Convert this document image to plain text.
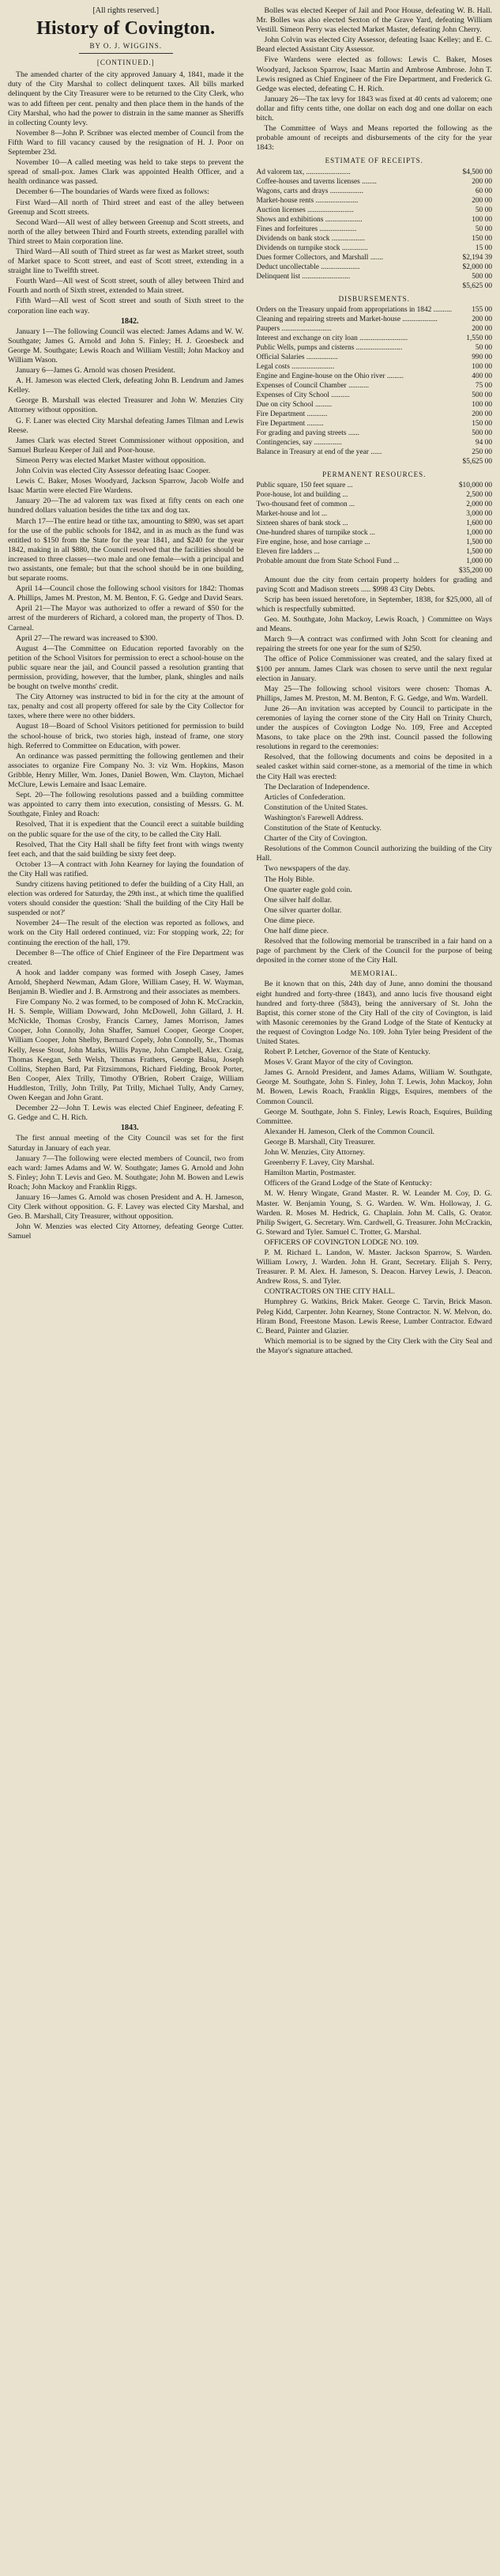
[All rights reserved.]
History of Covington.
BY O. J. WIGGINS.
[CONTINUED.]

The amended charter of the city approved January 4, 1841, made it the duty of the City Marshal to collect delinquent taxes. All bills marked delinquent by the City Treasurer were to be returned to the City Clerk, who was to add fifteen per cent. penalty and then place them in the hands of the City Marshal, who had the power to distrain in the same manner as Sheriffs in collecting County levy.

November 8—John P. Scribner was elected member of Council from the Fifth Ward to fill vacancy caused by the resignation of H. J. Poor on September 23d.

November 10—A called meeting was held to take steps to prevent the spread of small-pox. James Clark was appointed Health Officer, and a health ordinance was passed.

December 6—The boundaries of Wards were fixed as follows:

First Ward—All north of Third street and east of the alley between Greenup and Scott streets.

Second Ward—All west of alley between Greenup and Scott streets, and north of the alley between Third and Fourth streets, extending parallel with Third street to Main corporation line.

Third Ward—All south of Third street as far west as Market street, south of Market space to Scott street, and east of Scott street, extending in a straight line to Twelfth street.

Fourth Ward—All west of Scott street, south of alley between Third and Fourth and north of Sixth street, extended to Main street.

Fifth Ward—All west of Scott street and south of Sixth street to the corporation line each way.

1842.

January 1—The following Council was elected: James Adams and W. W. Southgate; James G. Arnold and John S. Finley; H. J. Groesbeck and George M. Southgate; Lewis Roach and William Vestill; John Mackoy and William Wason.

January 6—James G. Arnold was chosen President.

A. H. Jameson was elected Clerk, defeating John B. Lendrum and James Kelley.

George B. Marshall was elected Treasurer and John W. Menzies City Attorney without opposition.

G. F. Laner was elected City Marshal defeating James Tilman and Lewis Reese.

James Clark was elected Street Commissioner without opposition, and Samuel Burleau Keeper of Jail and Poor-house.

Simeon Perry was elected Market Master without opposition.

John Colvin was elected City Assessor defeating Isaac Cooper.

Lewis C. Baker, Moses Woodyard, Jackson Sparrow, Jacob Wolfe and Isaac Martin were elected Fire Wardens.

January 20—The ad valorem tax was fixed at fifty cents on each one hundred dollars valuation besides the tithe tax and dog tax.

March 17—The entire head or tithe tax, amounting to $890, was set apart for the use of the public schools for 1842, and in as much as the fund was entitled to $150 from the State for the year 1841, and $240 for the year 1842, making in all $880, the Council resolved that the facilities should be increased to three classes—two male and one female—with a principal and two assistants, one female; but that the school should be in one building, but separate rooms.

April 14—Council chose the following school visitors for 1842: Thomas A. Phillips, James M. Preston, M. M. Benton, F. G. Gedge and David Sears.

April 21—The Mayor was authorized to offer a reward of $50 for the arrest of the murderers of Richard, a colored man, the property of Thos. D. Carneal.

April 27—The reward was increased to $300.

August 4—The Committee on Education reported favorably on the petition of the School Visitors for permission to erect a school-house on the public square near the jail, and Council passed a resolution granting that permission, providing, however, that the lumber, plank, shingles and nails be bought on twelve months' credit.

The City Attorney was instructed to bid in for the city at the amount of tax, penalty and cost all property offered for sale by the City Collector for taxes, where there were no other bidders.

August 18—Board of School Visitors petitioned for permission to build the school-house of brick, two stories high, instead of frame, one story high. Referred to Committee on Education, with power.

An ordinance was passed permitting the following gentlemen and their associates to organize Fire Company No. 3: viz Wm. Hopkins, Mason Gribble, Henry Miller, Wm. Jones, Daniel Bowen, Wm. Clayton, Michael McClure, Lewis Lemaire and Isaac Lemaire.

Sept. 20—The following resolutions passed and a building committee was appointed to carry them into execution, consisting of Messrs. G. M. Southgate, Finley and Roach:

Resolved, That it is expedient that the Council erect a suitable building on the public square for the use of the city, to be called the City Hall.

Resolved, That the City Hall shall be fifty feet front with wings twenty feet each, and that the said building be sixty feet deep.

October 13—A contract with John Kearney for laying the foundation of the City Hall was ratified.

Sundry citizens having petitioned to defer the building of a City Hall, an election was ordered for Saturday, the 29th inst., at which time the qualified voters should consider the question: 'Shall the building of the City Hall be suspended or not?'

November 24—The result of the election was reported as follows, and work on the City Hall ordered continued, viz: For stopping work, 22; for continuing the erection of the hall, 179.

December 8—The office of Chief Engineer of the Fire Department was created.

A hook and ladder company was formed with Joseph Casey, James Arnold, Shepherd Newman, Adam Glore, William Casey, H. W. Wayman, Benjamin B. Wiedler and J. B. Armstrong and their associates as members.

Fire Company No. 2 was formed, to be composed of John K. McCrackin, H. S. Semple, William Dowward, John McDowell, John Gillard, J. H. McNickle, Thomas Crosby, Francis Carney, James Morrison, James Cooper, John Connolly, John Shaffer, Samuel Cooper, George Cooper, William Cooper, John Shelby, Bernard Copely, John Connolly, Sr., Thomas Kelly, Jesse Stout, John Marks, Willis Payne, John Campbell, Alex. Craig, Thomas Keegan, Seth Welsh, Thomas Frathers, George Balsu, Joseph Collins, Stephen Bard, Pat Fitzsimmons, Richard Fielding, Brook Porter, Ben Cooper, Alex Trilly, Timothy O'Brien, Robert Craige, William Huddleston, Trilly, John Trilly, Pat Trilly, Michael Tully, Andy Carney, Owen Keegan and John Grant.

December 22—John T. Lewis was elected Chief Engineer, defeating F. G. Gedge and C. H. Rich.

1843.

The first annual meeting of the City Council was set for the first Saturday in January of each year.

January 7—The following were elected members of Council, two from each ward: James Adams and W. W. Southgate; James G. Arnold and John S. Finley; John T. Levis and Geo. M. Southgate; John M. Bowen and Lewis Roach; John Mackoy and Franklin Riggs.

January 16—James G. Arnold was chosen President and A. H. Jameson, City Clerk without opposition. G. F. Lavey was elected City Marshal, and Geo. B. Marshall, City Treasurer, without opposition.

John W. Menzies was elected City Attorney, defeating George Cutter. Samuel

Bolles was elected Keeper of Jail and Poor House, defeating W. B. Hall. Mr. Bolles was also elected Sexton of the Grave Yard, defeating William Vestill. Simeon Perry was elected Market Master, defeating John Cherry.

John Colvin was elected City Assessor, defeating Isaac Kelley; and E. C. Beard elected Assistant City Assessor.

Five Wardens were elected as follows: Lewis C. Baker, Moses Woodyard, Jackson Sparrow, Isaac Martin and Ambrose Ambrose. John T. Lewis resigned as Chief Engineer of the Fire Department, and Frederick G. Gedge was elected, defeating C. H. Rich.

January 26—The tax levy for 1843 was fixed at 40 cents ad valorem; one dollar and fifty cents tithe, one dollar on each dog and one dollar on each bitch.

The Committee of Ways and Means reported the following as the probable amount of receipts and disbursements of the city for the year 1843:

ESTIMATE OF RECEIPTS.
Ad valorem tax, ........................	$4,500 00
Coffee-houses and taverns licenses ........	200 00
Wagons, carts and drays ..................	60 00
Market-house rents .......................	200 00
Auction licenses .........................	50 00
Shows and exhibitions ....................	100 00
Fines and forfeitures ....................	50 00
Dividends on bank stock ..................	150 00
Dividends on turnpike stock ..............	15 00
Dues former Collectors, and Marshall .......	$2,194 39
Deduct uncollectable .....................	$2,000 00
Delinquent list ..........................	500 00
	$5,625 00
DISBURSEMENTS.
Orders on the Treasury unpaid from appropriations in 1842 ..........	155 00
Cleaning and repairing streets and Market-house ...................	200 00
Paupers ...........................	200 00
Interest and exchange on city loan ..........................	1,550 00
Public Wells, pumps and cisterns .........................	50 00
Official Salaries .................	990 00
Legal costs .......................	100 00
Engine and Engine-house on the Ohio river .........	400 00
Expenses of Council Chamber ...........	75 00
Expenses of City School ..........	500 00
Due on city School .........	100 00
Fire Department ...........	200 00
Fire Department .........	150 00
For grading and paving streets ......	500 00
Contingencies, say ...............	94 00
Balance in Treasury at end of the year ......	250 00
	$5,625 00
PERMANENT RESOURCES.
Public square, 150 feet square ...	$10,000 00
Poor-house, lot and building ...	2,500 00
Two-thousand feet of common ...	2,000 00
Market-house and lot ...	3,000 00
Sixteen shares of bank stock ...	1,600 00
One-hundred shares of turnpike stock ...	1,000 00
Fire engine, hose, and hose carriage ...	1,500 00
Eleven fire ladders ...	1,500 00
Probable amount due from State School Fund ...	1,000 00
	$35,200 00

Amount due the city from certain property holders for grading and paving Scott and Madison streets ..... $998 43 City Debts.

Scrip has been issued heretofore, in September, 1838, for $25,000, all of which is respectfully submitted.

Geo. M. Southgate, John Mackoy, Lewis Roach, } Committee on Ways and Means.

March 9—A contract was confirmed with John Scott for cleaning and repairing the streets for one year for the sum of $250.

The office of Police Commissioner was created, and the salary fixed at $100 per annum. James Clark was chosen to serve until the next regular election in January.

May 25—The following school visitors were chosen: Thomas A. Phillips, James M. Preston, M. M. Benton, F. G. Gedge, and Wm. Wardell.

June 26—An invitation was accepted by Council to participate in the ceremonies of laying the corner stone of the City Hall on Trinity Church, under the auspices of Covington Lodge No. 109, Free and Accepted Masons, to take place on the 29th inst. Council passed the following resolutions in regard to the ceremonies:

Resolved, that the following documents and coins be deposited in a sealed casket within said corner-stone, as a memorial of the time in which the City Hall was erected:

The Declaration of Independence.

Articles of Confederation.

Constitution of the United States.

Washington's Farewell Address.

Constitution of the State of Kentucky.

Charter of the City of Covington.

Resolutions of the Common Council authorizing the building of the City Hall.

Two newspapers of the day.

The Holy Bible.

One quarter eagle gold coin.

One silver half dollar.

One silver quarter dollar.

One dime piece.

One half dime piece.

Resolved that the following memorial be transcribed in a fair hand on a page of parchment by the Clerk of the Council for the purpose of being deposited in the corner stone of the City Hall.

MEMORIAL.

Be it known that on this, 24th day of June, anno domini the thousand eight hundred and forty-three (1843), and anno lucis five thousand eight hundred and forty-three (5843), being the anniversary of St. John the Baptist, this corner stone of the City Hall of the city of Covington, is laid with Masonic ceremonies by the Grand Lodge of the State of Kentucky at the request of Covington Lodge No. 109. John Tyler being President of the United States.

Robert P. Letcher, Governor of the State of Kentucky.

Moses V. Grant Mayor of the city of Covington.

James G. Arnold President, and James Adams, William W. Southgate, George M. Southgate, John S. Finley, John T. Lewis, John Mackoy, John M. Bowen, Lewis Roach, Franklin Riggs, Esquires, members of the Common Council.

George M. Southgate, John S. Finley, Lewis Roach, Esquires, Building Committee.

Alexander H. Jameson, Clerk of the Common Council.

George B. Marshall, City Treasurer.

John W. Menzies, City Attorney.

Greenberry F. Lavey, City Marshal.

Hamilton Martin, Postmaster.

Officers of the Grand Lodge of the State of Kentucky:

M. W. Henry Wingate, Grand Master. R. W. Leander M. Coy, D. G. Master. W. Benjamin Young, S. G. Warden. W. Wm. Holloway, J. G. Warden. R. Moses M. Hedrick, G. Chaplain. John M. Calls, G. Orator. Philip Swigert, G. Secretary. Wm. Cardwell, G. Treasurer. John McCrackin, G. Steward and Tyler. Samuel C. Trotter, G. Marshal.

OFFICERS OF COVINGTON LODGE NO. 109.

P. M. Richard L. Landon, W. Master. Jackson Sparrow, S. Warden. William Lowry, J. Warden. John H. Grant, Secretary. Elijah S. Perry, Treasurer. P. M. Alex. H. Jameson, S. Deacon. Harvey Lewis, J. Deacon. Andrew Ross, S. and Tyler.

CONTRACTORS ON THE CITY HALL.

Humphrey G. Watkins, Brick Maker. George C. Tarvin, Brick Mason. Peleg Kidd, Carpenter. John Kearney, Stone Contractor. N. W. Melvon, do. Hiram Bond, Freestone Mason. Lewis Reese, Lumber Contractor. Edward C. Beard, Painter and Glazier.

Which memorial is to be signed by the City Clerk with the City Seal and the Mayor's signature attached.
